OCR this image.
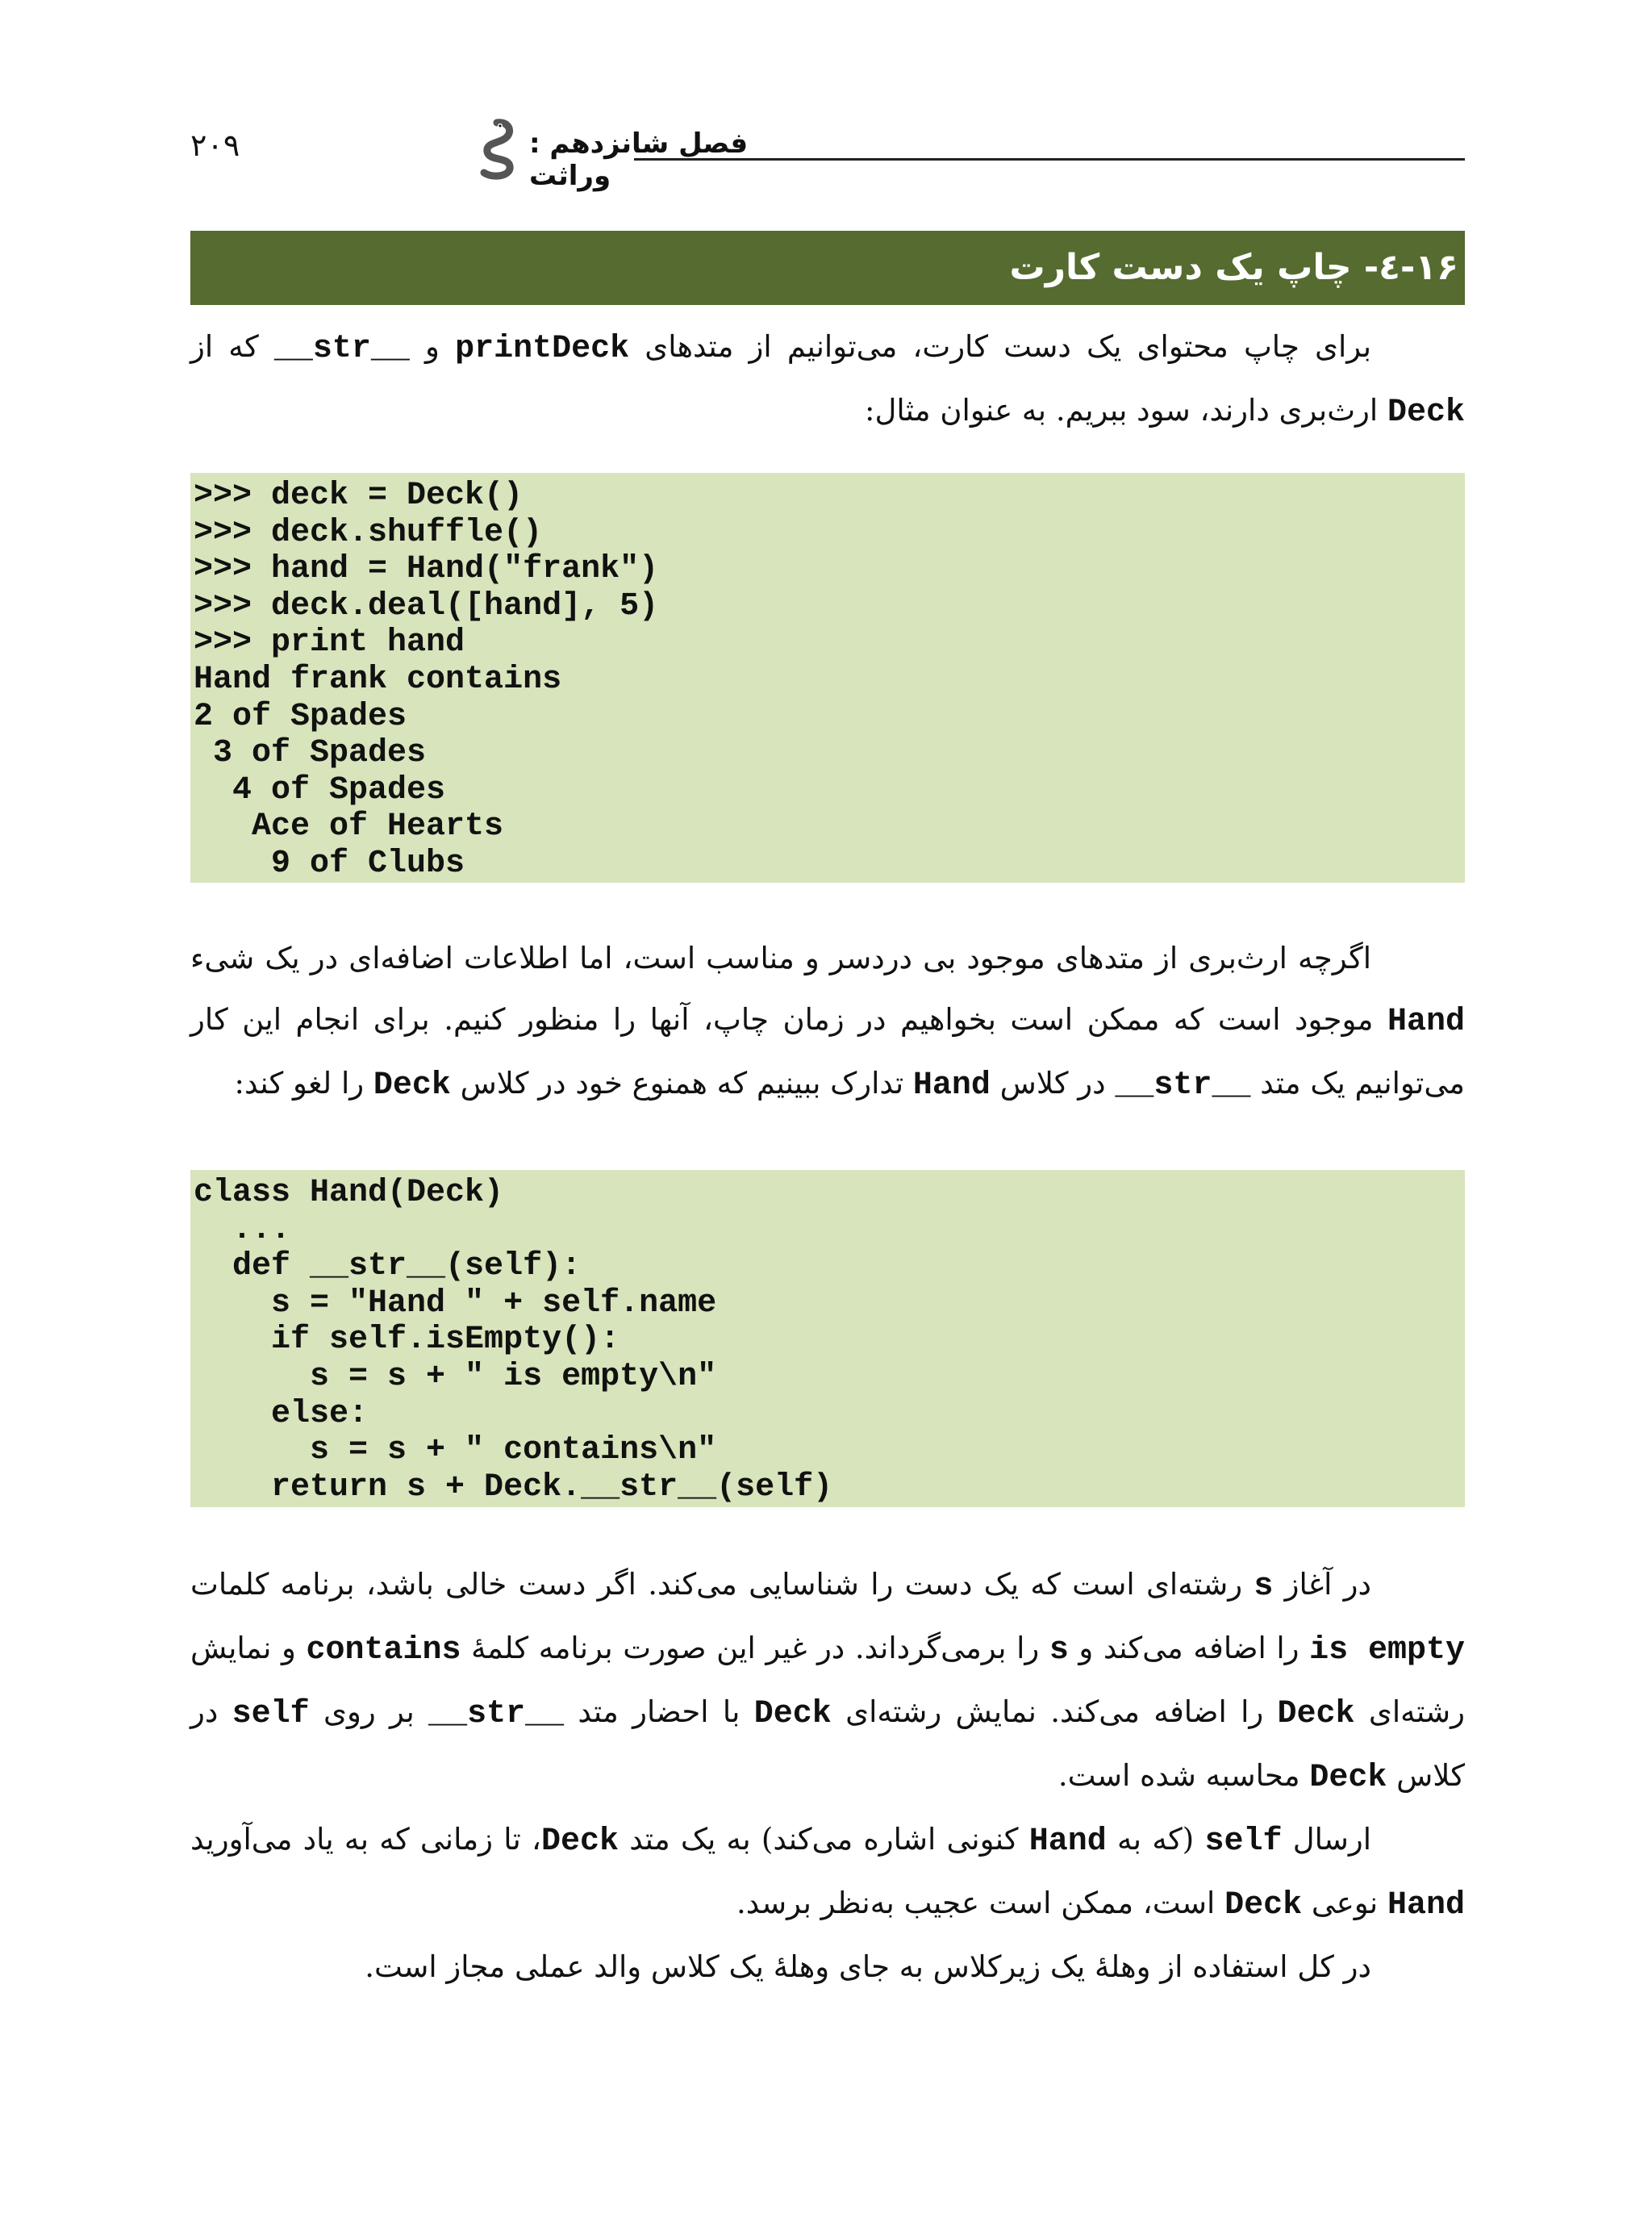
فصل شانزدهم : وراثت
۲۰۹
۱۶-٤- چاپ یک دست کارت

برای چاپ محتوای یک دست کارت، می‌توانیم از متدهای printDeck و __str__ که از Deck ارث‌بری دارند، سود ببریم. به عنوان مثال:

>>> deck = Deck()
>>> deck.shuffle()
>>> hand = Hand("frank")
>>> deck.deal([hand], 5)
>>> print hand
Hand frank contains
2 of Spades
3 of Spades
4 of Spades
Ace of Hearts
9 of Clubs

اگرچه ارث‌بری از متدهای موجود بی دردسر و مناسب است، اما اطلاعات اضافه‌ای در یک شیء Hand موجود است که ممکن است بخواهیم در زمان چاپ، آنها را منظور کنیم. برای انجام این کار می‌توانیم یک متد __str__ در کلاس Hand تدارک ببینیم که همنوع خود در کلاس Deck را لغو کند:

class Hand(Deck)
...
def __str__(self):
s = "Hand " + self.name
if self.isEmpty():
s = s + " is empty\n"
else:
s = s + " contains\n"
return s + Deck.__str__(self)

در آغاز s رشته‌ای است که یک دست را شناسایی می‌کند. اگر دست خالی باشد، برنامه کلمات is empty را اضافه می‌کند و s را برمی‌گرداند. در غیر این صورت برنامه کلمهٔ contains و نمایش رشته‌ای Deck را اضافه می‌کند. نمایش رشته‌ای Deck با احضار متد __str__ بر روی self در کلاس Deck محاسبه شده است.

ارسال self (که به Hand کنونی اشاره می‌کند) به یک متد Deck، تا زمانی که به یاد می‌آورید Hand نوعی Deck است، ممکن است عجیب به‌نظر برسد.

در کل استفاده از وهلهٔ یک زیرکلاس به جای وهلهٔ یک کلاس والد عملی مجاز است.
